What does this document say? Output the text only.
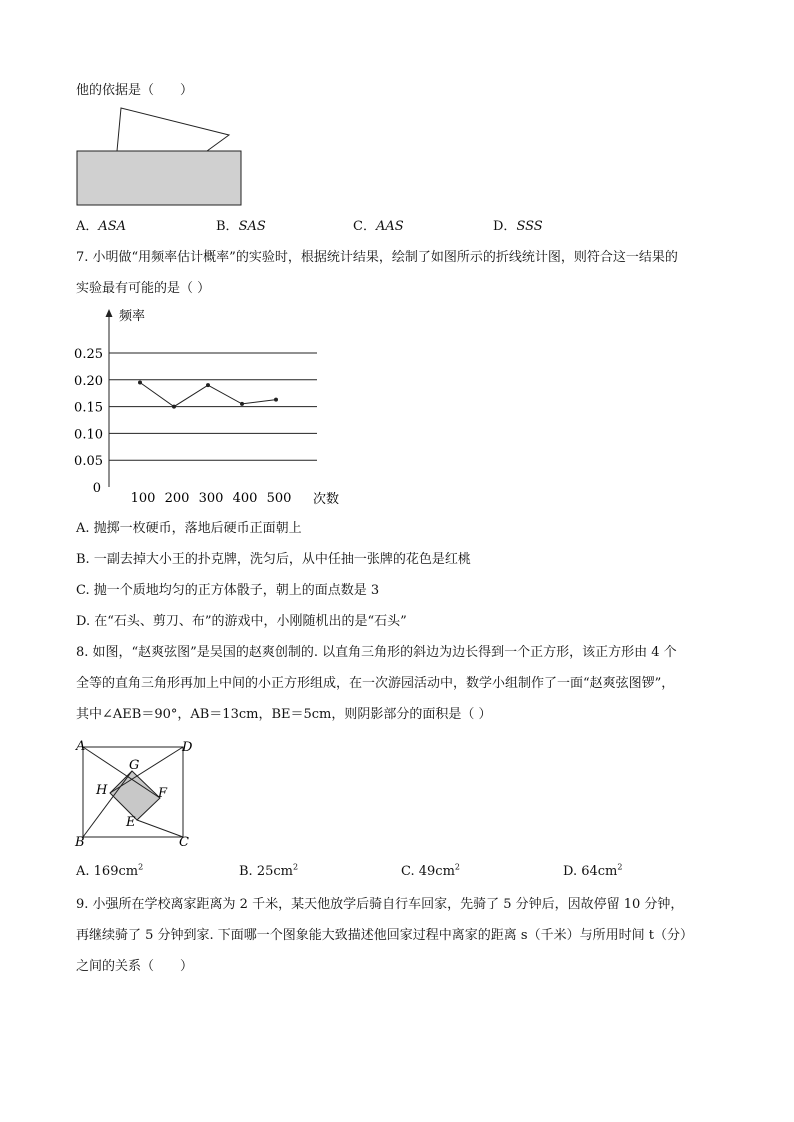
他的依据是（　　）
A．ASA	B．SAS	C．AAS	D．SSS
7. 小明做“用频率估计概率”的实验时，根据统计结果，绘制了如图所示的折线统计图，则符合这一结果的
实验最有可能的是（ ）
频率
次数
0
0.05
0.10
0.15
0.20
0.25
100 200 300 400 500
A. 抛掷一枚硬币，落地后硬币正面朝上
B. 一副去掉大小王的扑克牌，洗匀后，从中任抽一张牌的花色是红桃
C. 抛一个质地均匀的正方体骰子，朝上的面点数是 3
D. 在“石头、剪刀、布”的游戏中，小刚随机出的是“石头”
8. 如图，“赵爽弦图”是吴国的赵爽创制的. 以直角三角形的斜边为边长得到一个正方形，该正方形由 4 个
全等的直角三角形再加上中间的小正方形组成，在一次游园活动中，数学小组制作了一面“赵爽弦图锣”，
其中∠AEB＝90°，AB＝13cm，BE＝5cm，则阴影部分的面积是（ ）
A	D
G
H	F
E
B	C
A. $169cm^2$	B. $25cm^2$	C. $49cm^2$	D. $64cm^2$
9. 小强所在学校离家距离为 2 千米，某天他放学后骑自行车回家，先骑了 5 分钟后，因故停留 10 分钟，
再继续骑了 5 分钟到家. 下面哪一个图象能大致描述他回家过程中离家的距离 s（千米）与所用时间 t（分）
之间的关系（　　）
